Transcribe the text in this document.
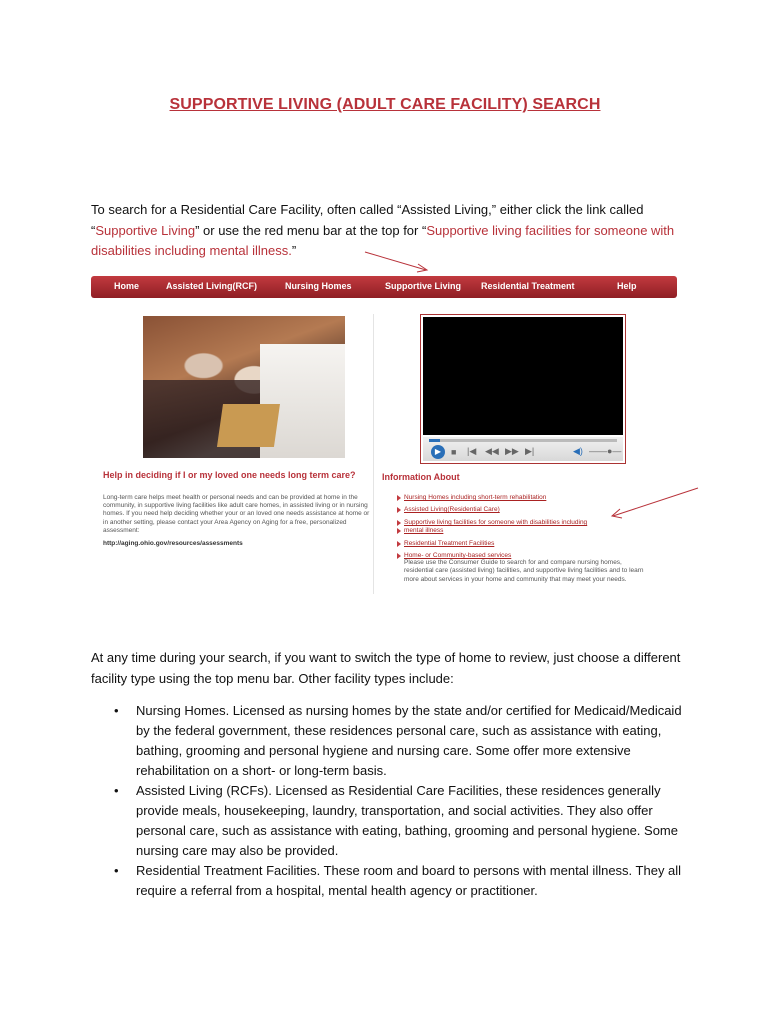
SUPPORTIVE LIVING (ADULT CARE FACILITY) SEARCH
To search for a Residential Care Facility, often called “Assisted Living,” either click the link called “Supportive Living” or use the red menu bar at the top for “Supportive living facilities for someone with disabilities including mental illness.”
Home	Assisted Living(RCF)	Nursing Homes	Supportive Living Residential Treatment	Help
▶	■ |◀ ◀◀ ▶▶ ▶|	◀) ——●—
Help in deciding if I or my loved one needs long term care?
Long-term care helps meet health or personal needs and can be provided at home in the community, in supportive living facilities like adult care homes, in assisted living or in nursing homes. If you need help deciding whether your or an loved one needs assistance at home or in another setting, please contact your Area Agency on Aging for a free, personalized assessment:
http://aging.ohio.gov/resources/assessments
Information About
Nursing Homes including short-term rehabilitation
Assisted Living(Residential Care)
Supportive living facilities for someone with disabilities including
mental illness
Residential Treatment Facilities
Home- or Community-based services
Please use the Consumer Guide to search for and compare nursing homes, residential care (assisted living) facilities, and supportive living facilities and to learn more about services in your home and community that may meet your needs.
At any time during your search, if you want to switch the type of home to review, just choose a different facility type using the top menu bar. Other facility types include:
• Nursing Homes. Licensed as nursing homes by the state and/or certified for Medicaid/Medicaid by the federal government, these residences personal care, such as assistance with eating, bathing, grooming and personal hygiene and nursing care. Some offer more extensive rehabilitation on a short- or long-term basis.
• Assisted Living (RCFs). Licensed as Residential Care Facilities, these residences generally provide meals, housekeeping, laundry, transportation, and social activities. They also offer personal care, such as assistance with eating, bathing, grooming and personal hygiene. Some nursing care may also be provided.
• Residential Treatment Facilities. These room and board to persons with mental illness. They all require a referral from a hospital, mental health agency or practitioner.
